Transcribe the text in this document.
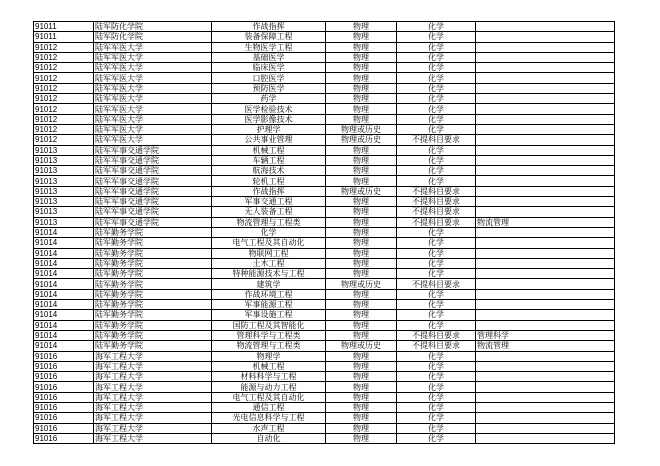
91011	陆军防化学院	作战指挥	物理	化学	
91011	陆军防化学院	装备保障工程	物理	化学	
91012	陆军军医大学	生物医学工程	物理	化学	
91012	陆军军医大学	基础医学	物理	化学	
91012	陆军军医大学	临床医学	物理	化学	
91012	陆军军医大学	口腔医学	物理	化学	
91012	陆军军医大学	预防医学	物理	化学	
91012	陆军军医大学	药学	物理	化学	
91012	陆军军医大学	医学检验技术	物理	化学	
91012	陆军军医大学	医学影像技术	物理	化学	
91012	陆军军医大学	护理学	物理或历史	化学	
91012	陆军军医大学	公共事业管理	物理或历史	不提科目要求	
91013	陆军军事交通学院	机械工程	物理	化学	
91013	陆军军事交通学院	车辆工程	物理	化学	
91013	陆军军事交通学院	航海技术	物理	化学	
91013	陆军军事交通学院	轮机工程	物理	化学	
91013	陆军军事交通学院	作战指挥	物理或历史	不提科目要求	
91013	陆军军事交通学院	军事交通工程	物理	不提科目要求	
91013	陆军军事交通学院	无人装备工程	物理	不提科目要求	
91013	陆军军事交通学院	物流管理与工程类	物理	不提科目要求	物流管理
91014	陆军勤务学院	化学	物理	化学	
91014	陆军勤务学院	电气工程及其自动化	物理	化学	
91014	陆军勤务学院	物联网工程	物理	化学	
91014	陆军勤务学院	土木工程	物理	化学	
91014	陆军勤务学院	特种能源技术与工程	物理	化学	
91014	陆军勤务学院	建筑学	物理或历史	不提科目要求	
91014	陆军勤务学院	作战环境工程	物理	化学	
91014	陆军勤务学院	军事能源工程	物理	化学	
91014	陆军勤务学院	军事设施工程	物理	化学	
91014	陆军勤务学院	国防工程及其智能化	物理	化学	
91014	陆军勤务学院	管理科学与工程类	物理	不提科目要求	管理科学
91014	陆军勤务学院	物流管理与工程类	物理或历史	不提科目要求	物流管理
91016	海军工程大学	物理学	物理	化学	
91016	海军工程大学	机械工程	物理	化学	
91016	海军工程大学	材料科学与工程	物理	化学	
91016	海军工程大学	能源与动力工程	物理	化学	
91016	海军工程大学	电气工程及其自动化	物理	化学	
91016	海军工程大学	通信工程	物理	化学	
91016	海军工程大学	光电信息科学与工程	物理	化学	
91016	海军工程大学	水声工程	物理	化学	
91016	海军工程大学	自动化	物理	化学	
